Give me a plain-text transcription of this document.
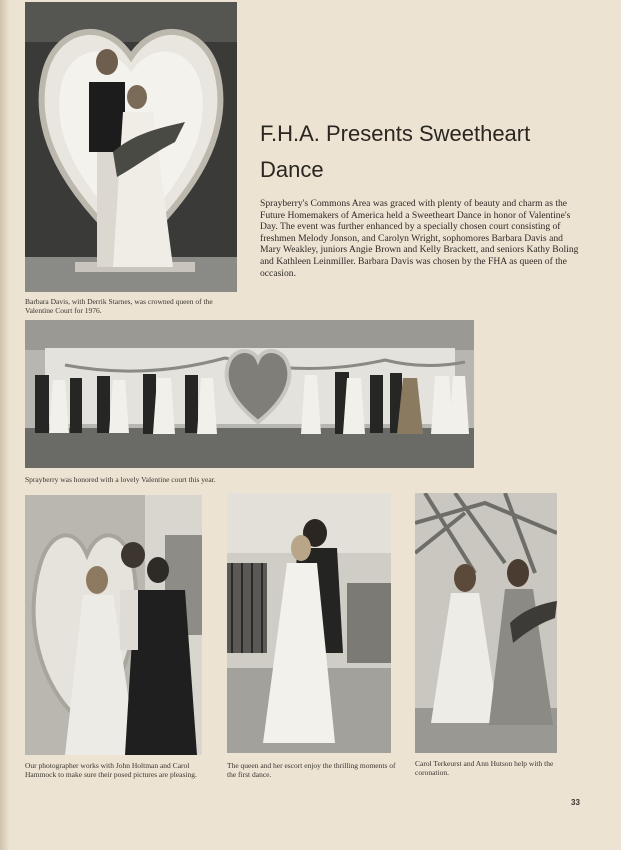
Barbara Davis, with Derrik Starnes, was crowned queen of the Valentine Court for 1976.
F.H.A. Presents Sweetheart
Dance

Sprayberry's Commons Area was graced with plenty of beauty and charm as the Future Homemakers of America held a Sweetheart Dance in honor of Valentine's Day. The event was further enhanced by a specially chosen court consisting of freshmen Melody Jonson, and Carolyn Wright, sophomores Barbara Davis and Mary Weakley, juniors Angie Brown and Kelly Brackett, and seniors Kathy Boling and Kathleen Leinmiller. Barbara Davis was chosen by the FHA as queen of the occasion.

Sprayberry was honored with a lovely Valentine court this year.
Our photographer works with John Holtman and Carol Hammock to make sure their posed pictures are pleasing.
The queen and her escort enjoy the thrilling moments of the first dance.
Carol Terkeurst and Ann Hutson help with the coronation.
33
